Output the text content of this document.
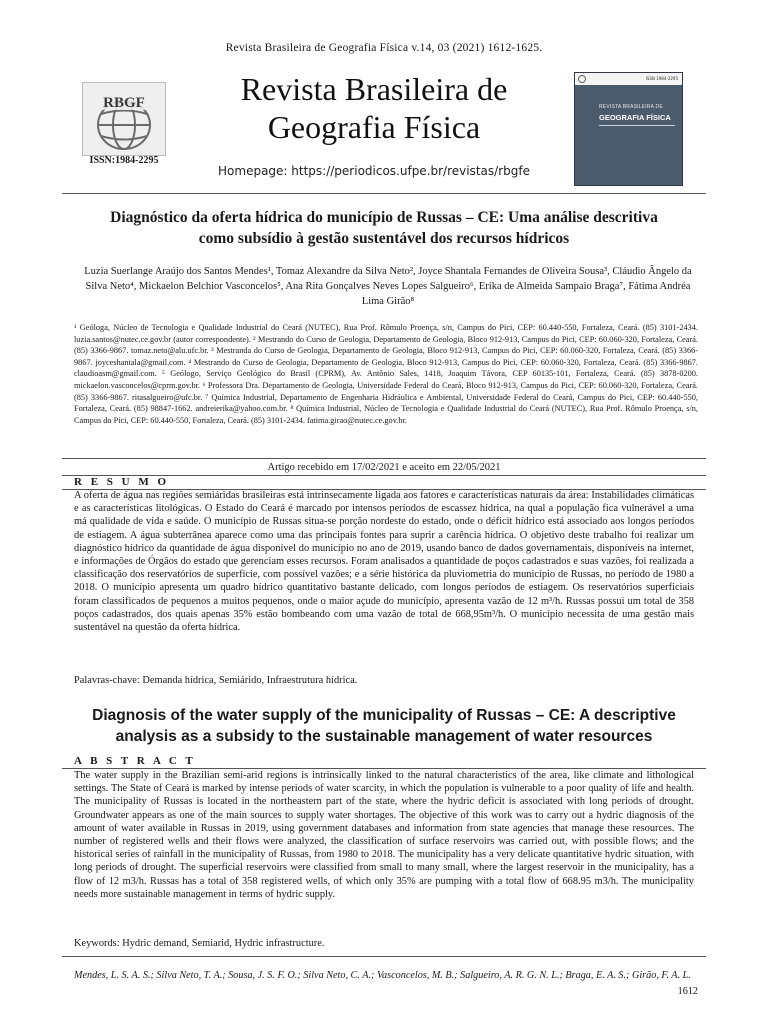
Revista Brasileira de Geografia Física v.14, 03 (2021) 1612-1625.
RBGF
ISSN:1984-2295
Revista Brasileira de
Geografia Física
Homepage: https://periodicos.ufpe.br/revistas/rbgfe
ISSN 1984-2295
REVISTA BRASILEIRA DE
GEOGRAFIA FÍSICA
Diagnóstico da oferta hídrica do município de Russas – CE: Uma análise descritiva como subsídio à gestão sustentável dos recursos hídricos
Luzia Suerlange Araújo dos Santos Mendes¹, Tomaz Alexandre da Silva Neto², Joyce Shantala Fernandes de Oliveira Sousa³, Cláudio Ângelo da Silva Neto⁴, Mickaelon Belchior Vasconcelos⁵, Ana Rita Gonçalves Neves Lopes Salgueiro⁶, Erika de Almeida Sampaio Braga⁷, Fátima Andréa Lima Girão⁸
¹ Geóloga, Núcleo de Tecnologia e Qualidade Industrial do Ceará (NUTEC), Rua Prof. Rômulo Proença, s/n, Campus do Pici, CEP: 60.440-550, Fortaleza, Ceará. (85) 3101-2434. luzia.santos@nutec.ce.gov.br (autor correspondente). ² Mestrando do Curso de Geologia, Departamento de Geologia, Bloco 912-913, Campus do Pici, CEP: 60.060-320, Fortaleza, Ceará. (85) 3366-9867. tomaz.neto@alu.ufc.br. ³ Mestranda do Curso de Geologia, Departamento de Geologia, Bloco 912-913, Campus do Pici, CEP: 60.060-320, Fortaleza, Ceará. (85) 3366-9867. joyceshantala@gmail.com. ⁴ Mestrando do Curso de Geologia, Departamento de Geologia, Bloco 912-913, Campus do Pici, CEP: 60.060-320, Fortaleza, Ceará. (85) 3366-9867. claudioasm@gmail.com. ⁵ Geólogo, Serviço Geológico do Brasil (CPRM), Av. Antônio Sales, 1418, Joaquim Távora, CEP 60135-101, Fortaleza, Ceará. (85) 3878-0200. mickaelon.vasconcelos@cprm.gov.br. ⁶ Professora Dra. Departamento de Geologia, Universidade Federal do Ceará, Bloco 912-913, Campus do Pici, CEP: 60.060-320, Fortaleza, Ceará. (85) 3366-9867. ritasalgueiro@ufc.br. ⁷ Química Industrial, Departamento de Engenharia Hidráulica e Ambiental, Universidade Federal do Ceará, Campus do Pici, CEP: 60.440-550, Fortaleza, Ceará. (85) 98847-1662. andreierika@yahoo.com.br. ⁸ Química Industrial, Núcleo de Tecnologia e Qualidade Industrial do Ceará (NUTEC), Rua Prof. Rômulo Proença, s/n, Campus do Pici, CEP: 60.440-550, Fortaleza, Ceará. (85) 3101-2434. fatima.girao@nutec.ce.gov.br.
Artigo recebido em 17/02/2021 e aceito em 22/05/2021
R E S U M O
A oferta de água nas regiões semiáridas brasileiras está intrinsecamente ligada aos fatores e características naturais da área: Instabilidades climáticas e as características litológicas. O Estado do Ceará é marcado por intensos períodos de escassez hídrica, na qual a população fica vulnerável a uma má qualidade de vida e saúde. O município de Russas situa-se porção nordeste do estado, onde o déficit hídrico está associado aos longos períodos de estiagem. A água subterrânea aparece como uma das principais fontes para suprir a carência hídrica. O objetivo deste trabalho foi realizar um diagnóstico hídrico da quantidade de água disponível do município no ano de 2019, usando banco de dados governamentais, disponíveis na internet, e informações de Órgãos do estado que gerenciam esses recursos. Foram analisados a quantidade de poços cadastrados e suas vazões, foi realizada a classificação dos reservatórios de superfície, com possível vazões; e a série histórica da pluviometria do município de Russas, no período de 1980 a 2018. O município apresenta um quadro hídrico quantitativo bastante delicado, com longos períodos de estiagem. Os reservatórios superficiais foram classificados de pequenos a muitos pequenos, onde o maior açude do município, apresenta vazão de 12 m³/h. Russas possui um total de 358 poços cadastrados, dos quais apenas 35% estão bombeando com uma vazão de total de 668,95m³/h. O município necessita de uma gestão mais sustentável na questão da oferta hídrica.
Palavras-chave: Demanda hídrica, Semiárido, Infraestrutura hídrica.
Diagnosis of the water supply of the municipality of Russas – CE: A descriptive analysis as a subsidy to the sustainable management of water resources
A B S T R A C T
The water supply in the Brazilian semi-arid regions is intrinsically linked to the natural characteristics of the area, like climate and lithological settings. The State of Ceará is marked by intense periods of water scarcity, in which the population is vulnerable to a poor quality of life and health. The municipality of Russas is located in the northeastern part of the state, where the hydric deficit is associated with long periods of drought. Groundwater appears as one of the main sources to supply water shortages. The objective of this work was to carry out a hydric diagnosis of the amount of water available in Russas in 2019, using government databases and information from state agencies that manage these resources. The number of registered wells and their flows were analyzed, the classification of surface reservoirs was carried out, with possible flows; and the historical series of rainfall in the municipality of Russas, from 1980 to 2018. The municipality has a very delicate quantitative hydric situation, with long periods of drought. The superficial reservoirs were classified from small to many small, where the largest reservoir in the municipality, has a flow of 12 m3/h. Russas has a total of 358 registered wells, of which only 35% are pumping with a total flow of 668.95 m3/h. The municipality needs more sustainable management in terms of hydric supply.
Keywords: Hydric demand, Semiarid, Hydric infrastructure.
Mendes, L. S. A. S.; Silva Neto, T. A.; Sousa, J. S. F. O.; Silva Neto, C. A.; Vasconcelos, M. B.; Salgueiro, A. R. G. N. L.; Braga, E. A. S.; Girão, F. A. L.
1612
